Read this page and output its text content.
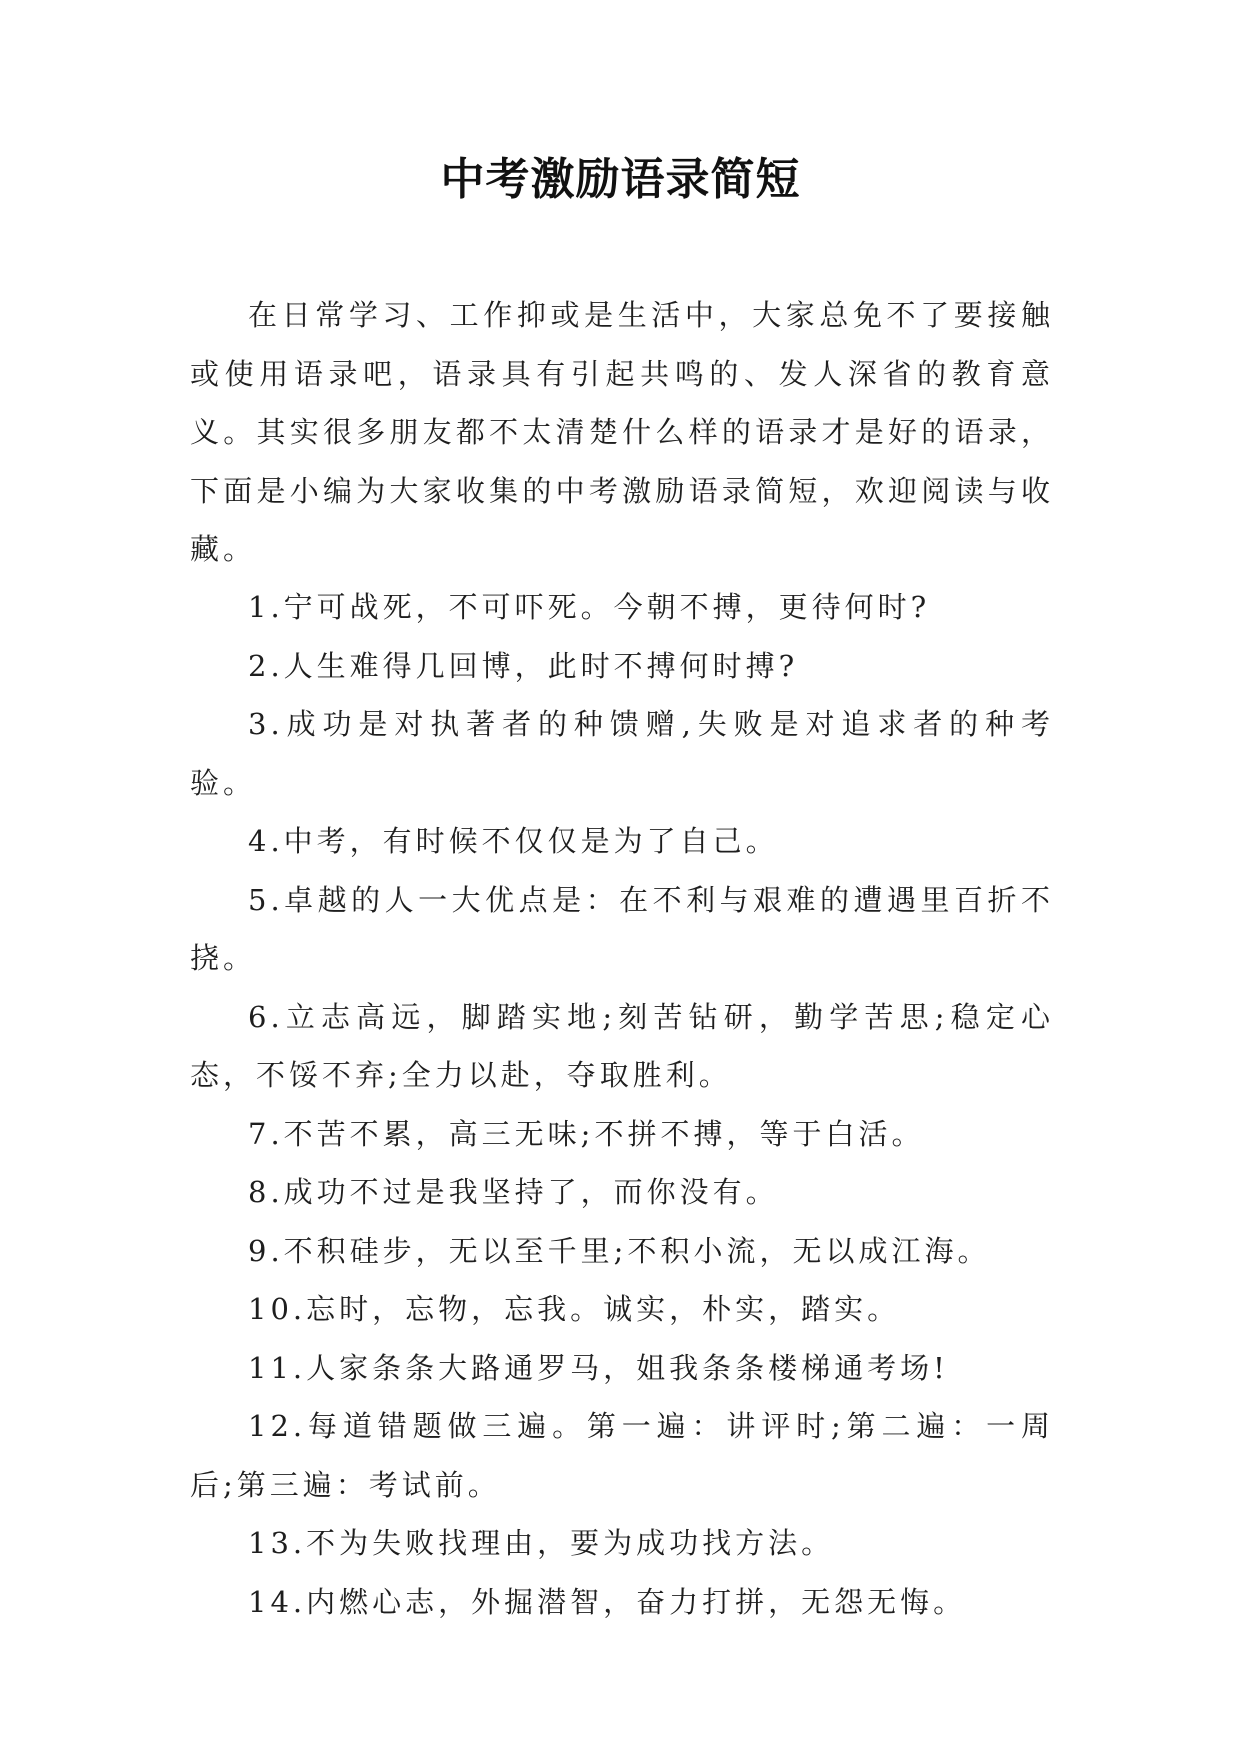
中考激励语录简短

在日常学习、工作抑或是生活中，大家总免不了要接触或使用语录吧，语录具有引起共鸣的、发人深省的教育意义。其实很多朋友都不太清楚什么样的语录才是好的语录，下面是小编为大家收集的中考激励语录简短，欢迎阅读与收藏。

1.宁可战死，不可吓死。今朝不搏，更待何时?

2.人生难得几回博，此时不搏何时搏?

3.成功是对执著者的种馈赠,失败是对追求者的种考验。

4.中考，有时候不仅仅是为了自己。

5.卓越的人一大优点是：在不利与艰难的遭遇里百折不挠。

6.立志高远，脚踏实地;刻苦钻研，勤学苦思;稳定心态，不馁不弃;全力以赴，夺取胜利。

7.不苦不累，高三无味;不拼不搏，等于白活。

8.成功不过是我坚持了，而你没有。

9.不积硅步，无以至千里;不积小流，无以成江海。

10.忘时，忘物，忘我。诚实，朴实，踏实。

11.人家条条大路通罗马，姐我条条楼梯通考场!

12.每道错题做三遍。第一遍：讲评时;第二遍：一周后;第三遍：考试前。

13.不为失败找理由，要为成功找方法。

14.内燃心志，外掘潜智，奋力打拼，无怨无悔。
